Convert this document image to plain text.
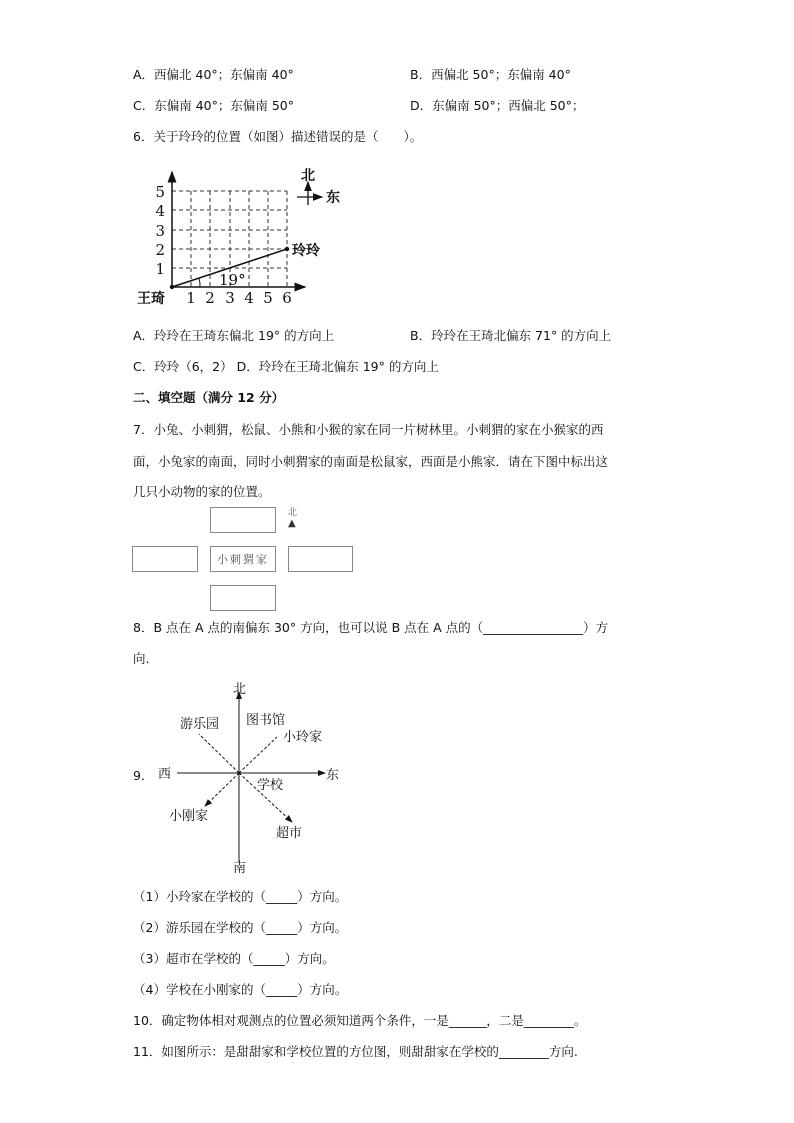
A．西偏北 40°；东偏南 40°	B．西偏北 50°；东偏南 40°
C．东偏南 40°；东偏南 50°	D．东偏南 50°；西偏北 50°；
6．关于玲玲的位置（如图）描述错误的是（　　）。
1 2 3 4 5 6
1
2
3
4
5
19°
王琦
玲玲
北
东
北
南
东
西
图书馆
游乐园
小玲家
学校
小刚家
超市
A．玲玲在王琦东偏北 19° 的方向上	B．玲玲在王琦北偏东 71° 的方向上
C．玲玲（6，2） D．玲玲在王琦北偏东 19° 的方向上
二、填空题（满分 12 分）
7．小兔、小刺猬，松鼠、小熊和小猴的家在同一片树林里。小刺猬的家在小猴家的西
面，小兔家的南面，同时小刺猬家的南面是松鼠家，西面是小熊家．请在下图中标出这
几只小动物的家的位置。
小刺猬家
北
▲
8．B 点在 A 点的南偏东 30° 方向，也可以说 B 点在 A 点的（________________）方
向.
9．
（1）小玲家在学校的（_____）方向。
（2）游乐园在学校的（_____）方向。
（3）超市在学校的（_____）方向。
（4）学校在小刚家的（_____）方向。
10．确定物体相对观测点的位置必须知道两个条件，一是______，二是________。
11．如图所示：是甜甜家和学校位置的方位图，则甜甜家在学校的________方向.
